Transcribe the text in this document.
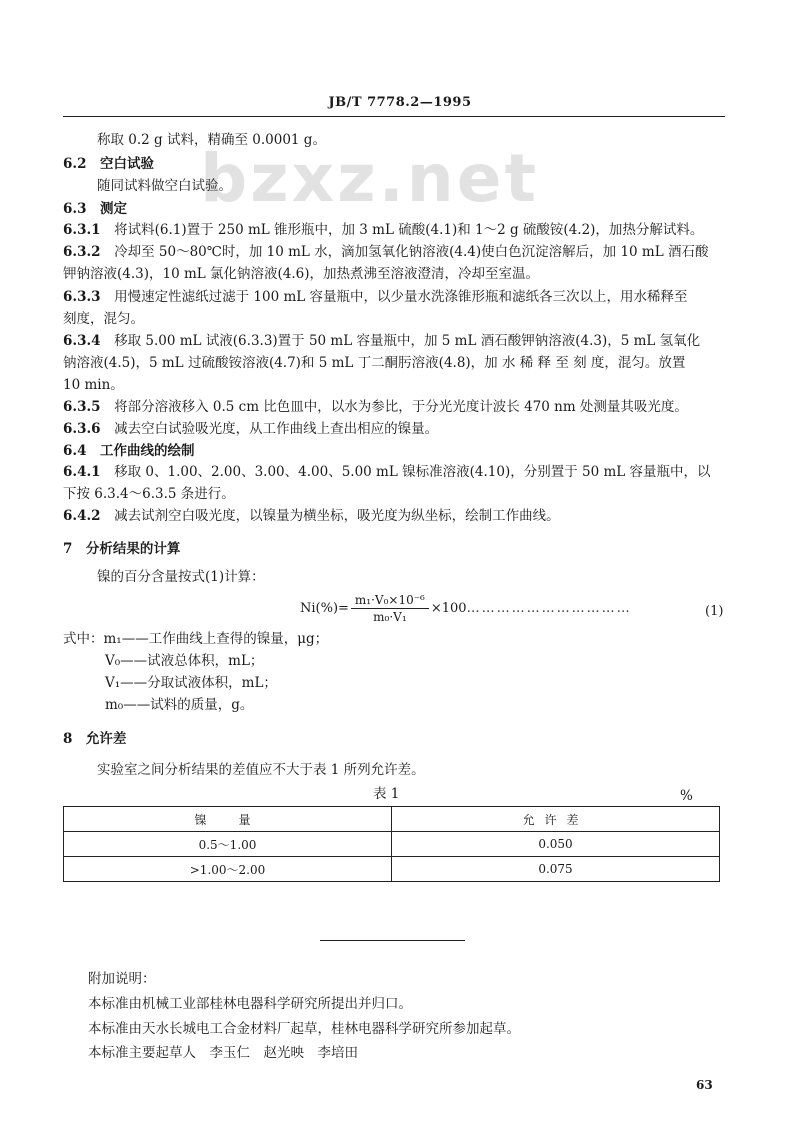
JB/T 7778.2—1995
bzxz.net
称取 0.2 g 试料，精确至 0.0001 g。
6.2　 空白试验
随同试料做空白试验。
6.3　 测定
6.3.1　 将试料(6.1)置于 250 mL 锥形瓶中，加 3 mL 硫酸(4.1)和 1～2 g 硫酸铵(4.2)，加热分解试料。
6.3.2　 冷却至 50～80℃时，加 10 mL 水，滴加氢氧化钠溶液(4.4)使白色沉淀溶解后，加 10 mL 酒石酸
钾钠溶液(4.3)，10 mL 氯化钠溶液(4.6)，加热煮沸至溶液澄清，冷却至室温。
6.3.3　 用慢速定性滤纸过滤于 100 mL 容量瓶中，以少量水洗涤锥形瓶和滤纸各三次以上，用水稀释至
刻度，混匀。
6.3.4　 移取 5.00 mL 试液(6.3.3)置于 50 mL 容量瓶中，加 5 mL 酒石酸钾钠溶液(4.3)，5 mL 氢氧化
钠溶液(4.5)，5 mL 过硫酸铵溶液(4.7)和 5 mL 丁二酮肟溶液(4.8)，加 水 稀 释 至 刻 度，混匀。放置
10 min。
6.3.5　 将部分溶液移入 0.5 cm 比色皿中，以水为参比，于分光光度计波长 470 nm 处测量其吸光度。
6.3.6　 减去空白试验吸光度，从工作曲线上查出相应的镍量。
6.4　 工作曲线的绘制
6.4.1　 移取 0、1.00、2.00、3.00、4.00、5.00 mL 镍标准溶液(4.10)，分别置于 50 mL 容量瓶中，以
下按 6.3.4～6.3.5 条进行。
6.4.2　 减去试剂空白吸光度，以镍量为横坐标，吸光度为纵坐标，绘制工作曲线。
7　 分析结果的计算
镍的百分含量按式(1)计算：
$Ni(\%)= \frac{\text{m₁·V₀×10⁻⁶}}{\text{m₀·V₁}}$ ×100……………………………	(1)
式中：m₁——工作曲线上查得的镍量，μg；
V₀——试液总体积，mL；
V₁——分取试液体积，mL；
m₀——试料的质量，g。
8　 允许差
实验室之间分析结果的差值应不大于表 1 所列允许差。
表 1	%
镍　量	允许差
0.5～1.00	0.050
>1.00～2.00	0.075
附加说明：
本标准由机械工业部桂林电器科学研究所提出并归口。
本标准由天水长城电工合金材料厂起草，桂林电器科学研究所参加起草。
本标准主要起草人　李玉仁　赵光映　李培田
63
